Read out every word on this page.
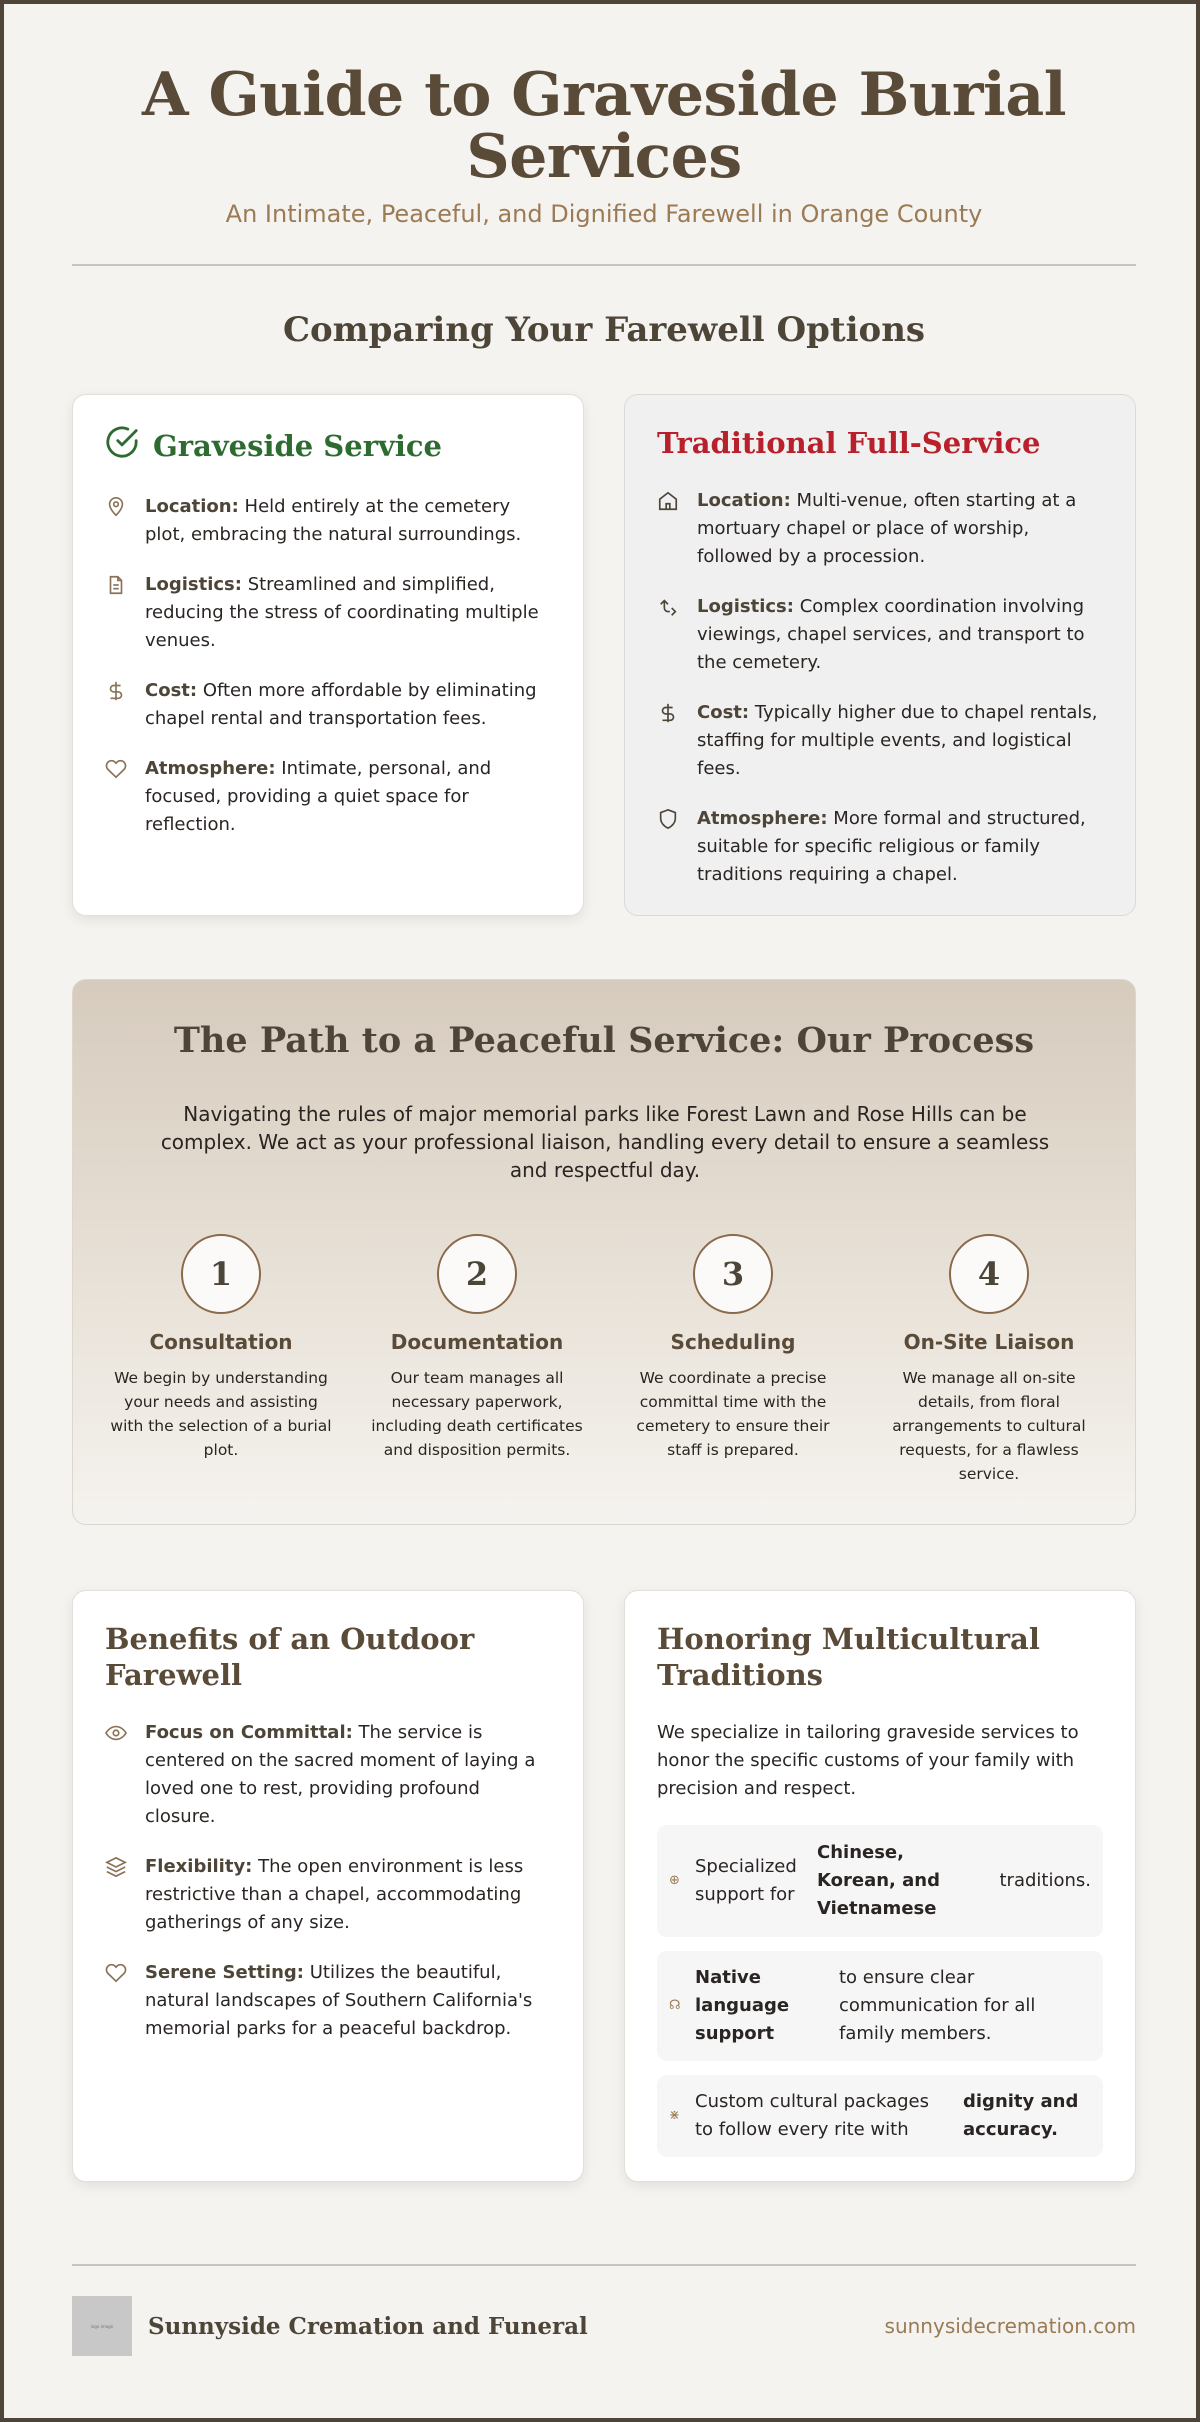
A Guide to Graveside Burial Services
An Intimate, Peaceful, and Dignified Farewell in Orange County
Comparing Your Farewell Options
Graveside Service
Location: Held entirely at the cemetery plot, embracing the natural surroundings.
Logistics: Streamlined and simplified, reducing the stress of coordinating multiple venues.
Cost: Often more affordable by eliminating chapel rental and transportation fees.
Atmosphere: Intimate, personal, and focused, providing a quiet space for reflection.
Traditional Full-Service
Location: Multi-venue, often starting at a mortuary chapel or place of worship, followed by a procession.
Logistics: Complex coordination involving viewings, chapel services, and transport to the cemetery.
Cost: Typically higher due to chapel rentals, staffing for multiple events, and logistical fees.
Atmosphere: More formal and structured, suitable for specific religious or family traditions requiring a chapel.
The Path to a Peaceful Service: Our Process

Navigating the rules of major memorial parks like Forest Lawn and Rose Hills can be complex. We act as your professional liaison, handling every detail to ensure a seamless and respectful day.

1
Consultation
We begin by understanding your needs and assisting with the selection of a burial plot.
2
Documentation
Our team manages all necessary paperwork, including death certificates and disposition permits.
3
Scheduling
We coordinate a precise committal time with the cemetery to ensure their staff is prepared.
4
On-Site Liaison
We manage all on-site details, from floral arrangements to cultural requests, for a flawless service.
Benefits of an Outdoor Farewell
Focus on Committal: The service is centered on the sacred moment of laying a loved one to rest, providing profound closure.
Flexibility: The open environment is less restrictive than a chapel, accommodating gatherings of any size.
Serene Setting: Utilizes the beautiful, natural landscapes of Southern California's memorial parks for a peaceful backdrop.
Honoring Multicultural Traditions

We specialize in tailoring graveside services to honor the specific customs of your family with precision and respect.

⊕
Specialized support for
Chinese, Korean, and Vietnamese
traditions.
☊
Native language support
to ensure clear communication for all family members.
⋇
Custom cultural packages to follow every rite with
dignity and accuracy.
logo image Sunnyside Cremation and Funeral	sunnysidecremation.com
